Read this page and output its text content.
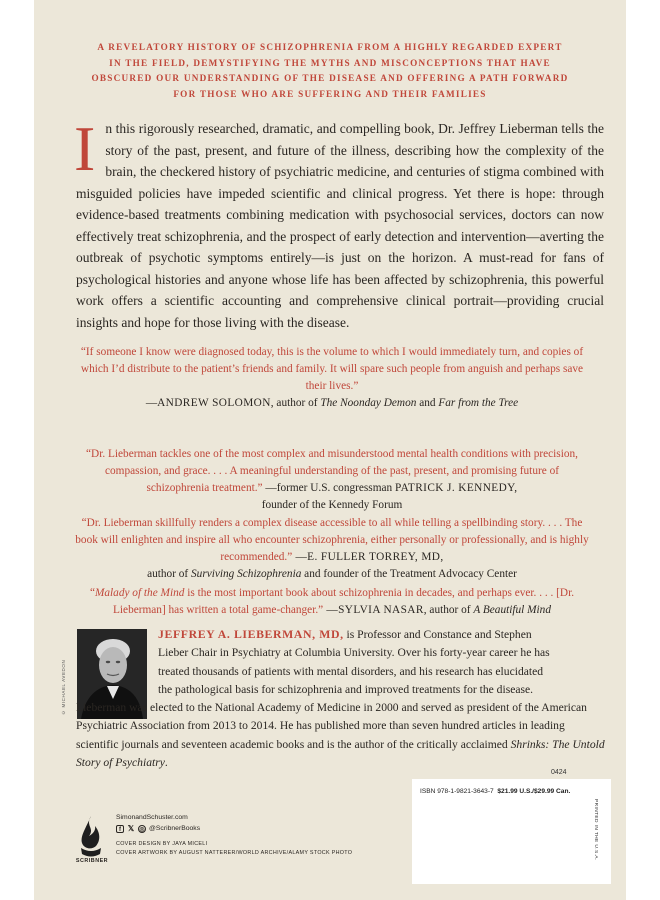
A REVELATORY HISTORY OF SCHIZOPHRENIA FROM A HIGHLY REGARDED EXPERT
IN THE FIELD, DEMYSTIFYING THE MYTHS AND MISCONCEPTIONS THAT HAVE
OBSCURED OUR UNDERSTANDING OF THE DISEASE AND OFFERING A PATH FORWARD
FOR THOSE WHO ARE SUFFERING AND THEIR FAMILIES
In this rigorously researched, dramatic, and compelling book, Dr. Jeffrey Lieberman tells the story of the past, present, and future of the illness, describing how the complexity of the brain, the checkered history of psychiatric medicine, and centuries of stigma combined with misguided policies have impeded scientific and clinical progress. Yet there is hope: through evidence-based treatments combining medication with psychosocial services, doctors can now effectively treat schizophrenia, and the prospect of early detection and intervention—averting the outbreak of psychotic symptoms entirely—is just on the horizon. A must-read for fans of psychological histories and anyone whose life has been affected by schizophrenia, this powerful work offers a scientific accounting and comprehensive clinical portrait—providing crucial insights and hope for those living with the disease.
“If someone I know were diagnosed today, this is the volume to which I would immediately turn, and copies of which I’d distribute to the patient’s friends and family. It will spare such people from anguish and perhaps save their lives.”
—ANDREW SOLOMON, author of The Noonday Demon and Far from the Tree
“Dr. Lieberman tackles one of the most complex and misunderstood mental health conditions with precision, compassion, and grace. . . . A meaningful understanding of the past, present, and promising future of schizophrenia treatment.” —former U.S. congressman PATRICK J. KENNEDY,
founder of the Kennedy Forum
“Dr. Lieberman skillfully renders a complex disease accessible to all while telling a spellbinding story. . . . The book will enlighten and inspire all who encounter schizophrenia, either personally or professionally, and is highly recommended.” —E. FULLER TORREY, MD,
author of Surviving Schizophrenia and founder of the Treatment Advocacy Center
“Malady of the Mind is the most important book about schizophrenia in decades, and perhaps ever. . . . [Dr. Lieberman] has written a total game-changer.” —SYLVIA NASAR, author of A Beautiful Mind
© MICHAEL AVEDON
JEFFREY A. LIEBERMAN, MD, is Professor and Constance and Stephen
Lieber Chair in Psychiatry at Columbia University. Over his forty-year career he has
treated thousands of patients with mental disorders, and his research has elucidated
the pathological basis for schizophrenia and improved treatments for the disease.
Lieberman was elected to the National Academy of Medicine in 2000 and served as president of the American Psychiatric Association from 2013 to 2014. He has published more than seven hundred articles in leading scientific journals and seventeen academic books and is the author of the critically acclaimed Shrinks: The Untold Story of Psychiatry.
0424
ISBN 978-1-9821-3643-7 $21.99 U.S./$29.99 Can.
PRINTED IN THE U.S.A.
SCRIBNER
SimonandSchuster.com
f 𝕏 ◎ @ScribnerBooks
COVER DESIGN BY JAYA MICELI
COVER ARTWORK BY AUGUST NATTERER/WORLD ARCHIVE/ALAMY STOCK PHOTO
